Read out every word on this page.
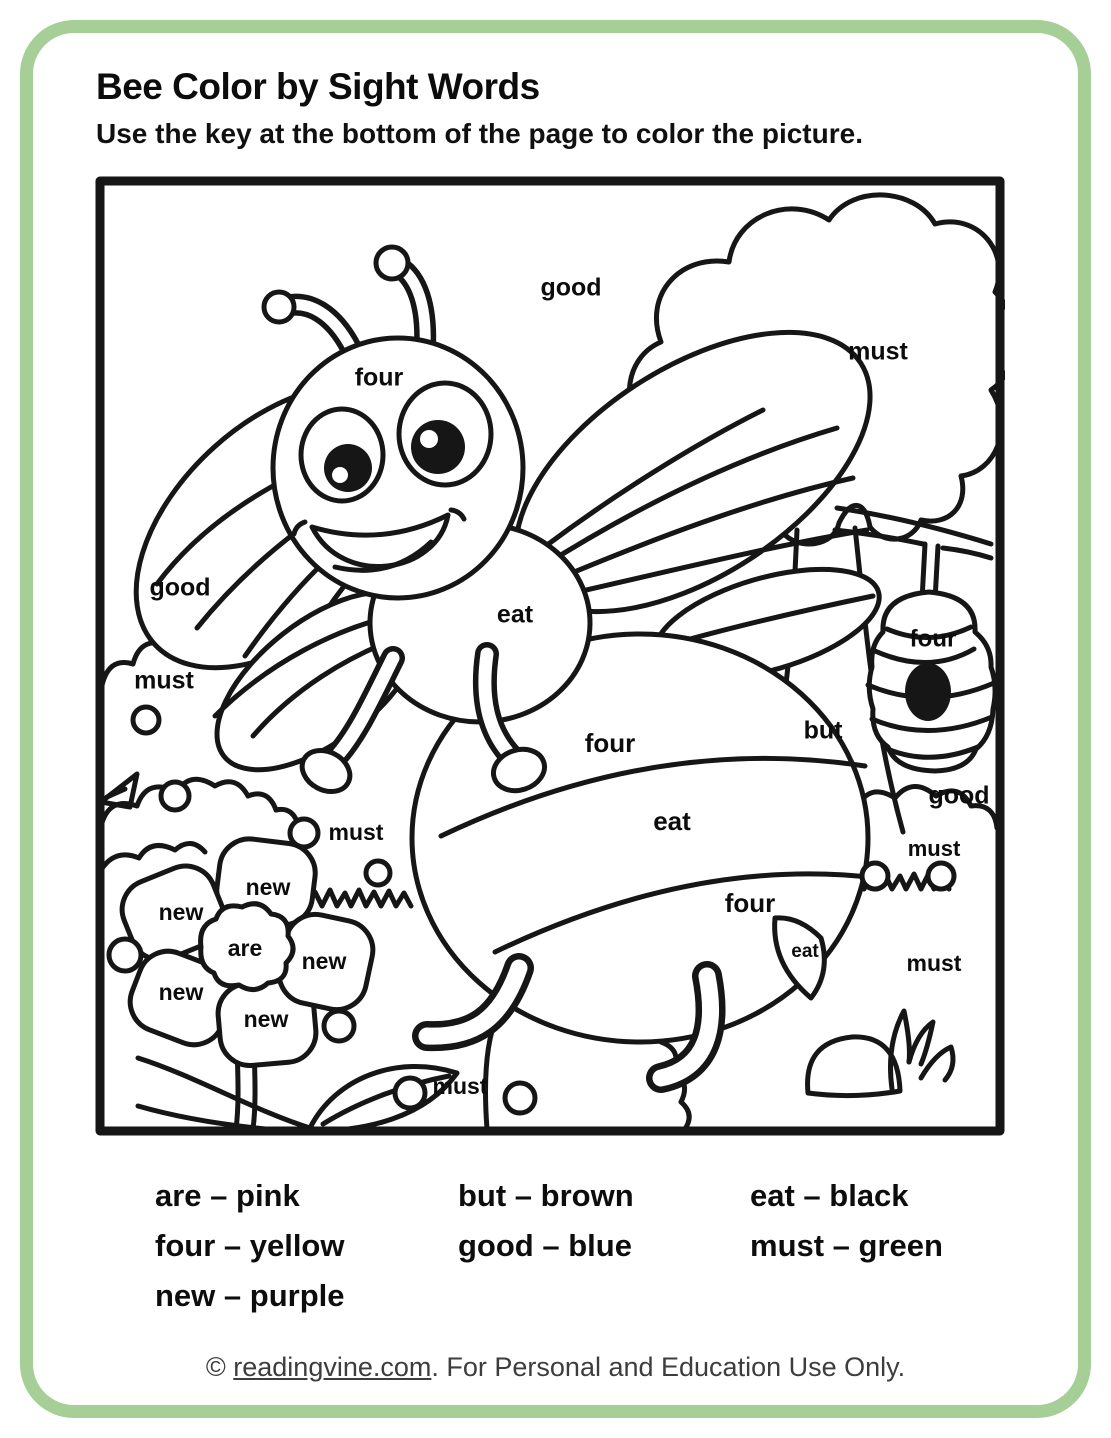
Bee Color by Sight Words
Use the key at the bottom of the page to color the picture.
good
must
four
good
eat
must
four
but
four
good
eat
must
must
new
new
are new
four
must
eat
new
new
must
are – pink
four – yellow
new – purple
but – brown
good – blue
eat – black
must – green
© readingvine.com. For Personal and Education Use Only.
